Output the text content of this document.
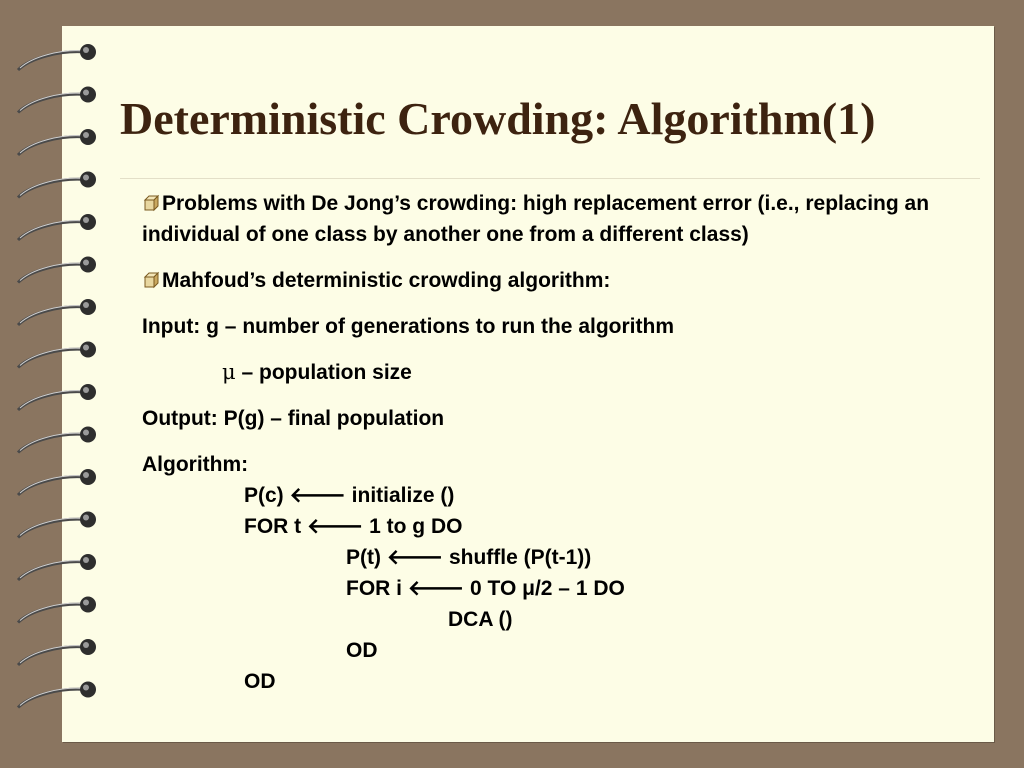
Deterministic Crowding: Algorithm(1)

Problems with De Jong’s crowding: high replacement error (i.e., replacing an individual of one class by another one from a different class)

Mahfoud’s deterministic crowding algorithm:

Input: g – number of generations to run the algorithm

μ – population size

Output: P(g) – final population

Algorithm:

P(c) 🡐 initialize ()

FOR t 🡐 1 to g DO

P(t) 🡐 shuffle (P(t-1))

FOR i 🡐 0 TO μ/2 – 1 DO

DCA ()

OD

OD
